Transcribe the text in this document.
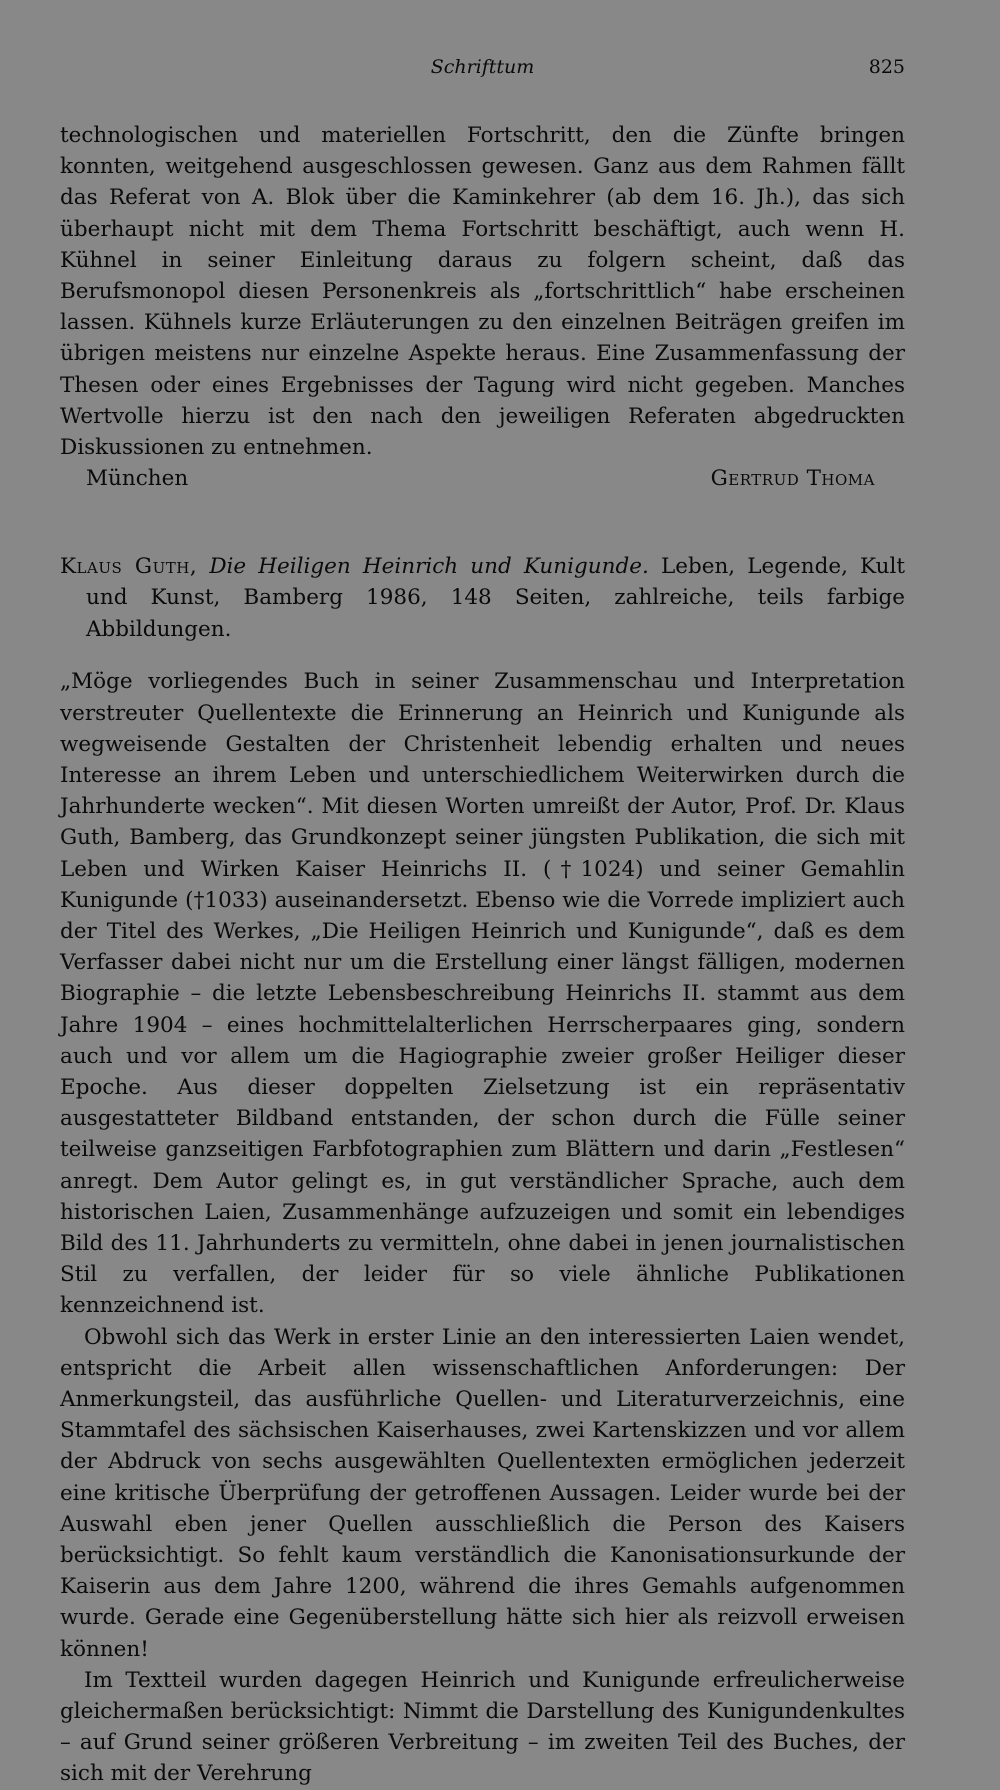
Schrifttum	825

technologischen und materiellen Fortschritt, den die Zünfte bringen konnten, weitgehend ausgeschlossen gewesen. Ganz aus dem Rahmen fällt das Referat von A. Blok über die Kaminkehrer (ab dem 16. Jh.), das sich überhaupt nicht mit dem Thema Fortschritt beschäftigt, auch wenn H. Kühnel in seiner Einleitung daraus zu folgern scheint, daß das Berufsmonopol diesen Personenkreis als „fortschrittlich“ habe erscheinen lassen. Kühnels kurze Erläuterungen zu den einzelnen Beiträgen greifen im übrigen meistens nur einzelne Aspekte heraus. Eine Zusammenfassung der Thesen oder eines Ergebnisses der Tagung wird nicht gegeben. Manches Wertvolle hierzu ist den nach den jeweiligen Referaten abgedruckten Diskussionen zu entnehmen.

München	Gertrud Thoma

Klaus Guth, Die Heiligen Heinrich und Kunigunde. Leben, Legende, Kult und Kunst, Bamberg 1986, 148 Seiten, zahlreiche, teils farbige Abbildungen.

„Möge vorliegendes Buch in seiner Zusammenschau und Interpretation verstreuter Quellentexte die Erinnerung an Heinrich und Kunigunde als wegweisende Gestalten der Christenheit lebendig erhalten und neues Interesse an ihrem Leben und unterschiedlichem Weiterwirken durch die Jahrhunderte wecken“. Mit diesen Worten umreißt der Autor, Prof. Dr. Klaus Guth, Bamberg, das Grundkonzept seiner jüngsten Publikation, die sich mit Leben und Wirken Kaiser Heinrichs II. (†1024) und seiner Gemahlin Kunigunde (†1033) auseinandersetzt. Ebenso wie die Vorrede impliziert auch der Titel des Werkes, „Die Heiligen Heinrich und Kunigunde“, daß es dem Verfasser dabei nicht nur um die Erstellung einer längst fälligen, modernen Biographie – die letzte Lebensbeschreibung Heinrichs II. stammt aus dem Jahre 1904 – eines hochmittelalterlichen Herrscherpaares ging, sondern auch und vor allem um die Hagiographie zweier großer Heiliger dieser Epoche. Aus dieser doppelten Zielsetzung ist ein repräsentativ ausgestatteter Bildband entstanden, der schon durch die Fülle seiner teilweise ganzseitigen Farbfotographien zum Blättern und darin „Festlesen“ anregt. Dem Autor gelingt es, in gut verständlicher Sprache, auch dem historischen Laien, Zusammenhänge aufzuzeigen und somit ein lebendiges Bild des 11. Jahrhunderts zu vermitteln, ohne dabei in jenen journalistischen Stil zu verfallen, der leider für so viele ähnliche Publikationen kennzeichnend ist.

Obwohl sich das Werk in erster Linie an den interessierten Laien wendet, entspricht die Arbeit allen wissenschaftlichen Anforderungen: Der Anmerkungsteil, das ausführliche Quellen- und Literaturverzeichnis, eine Stammtafel des sächsischen Kaiserhauses, zwei Kartenskizzen und vor allem der Abdruck von sechs ausgewählten Quellentexten ermöglichen jederzeit eine kritische Überprüfung der getroffenen Aussagen. Leider wurde bei der Auswahl eben jener Quellen ausschließlich die Person des Kaisers berücksichtigt. So fehlt kaum verständlich die Kanonisationsurkunde der Kaiserin aus dem Jahre 1200, während die ihres Gemahls aufgenommen wurde. Gerade eine Gegenüberstellung hätte sich hier als reizvoll erweisen können!

Im Textteil wurden dagegen Heinrich und Kunigunde erfreulicherweise gleichermaßen berücksichtigt: Nimmt die Darstellung des Kunigundenkultes – auf Grund seiner größeren Verbreitung – im zweiten Teil des Buches, der sich mit der Verehrung
